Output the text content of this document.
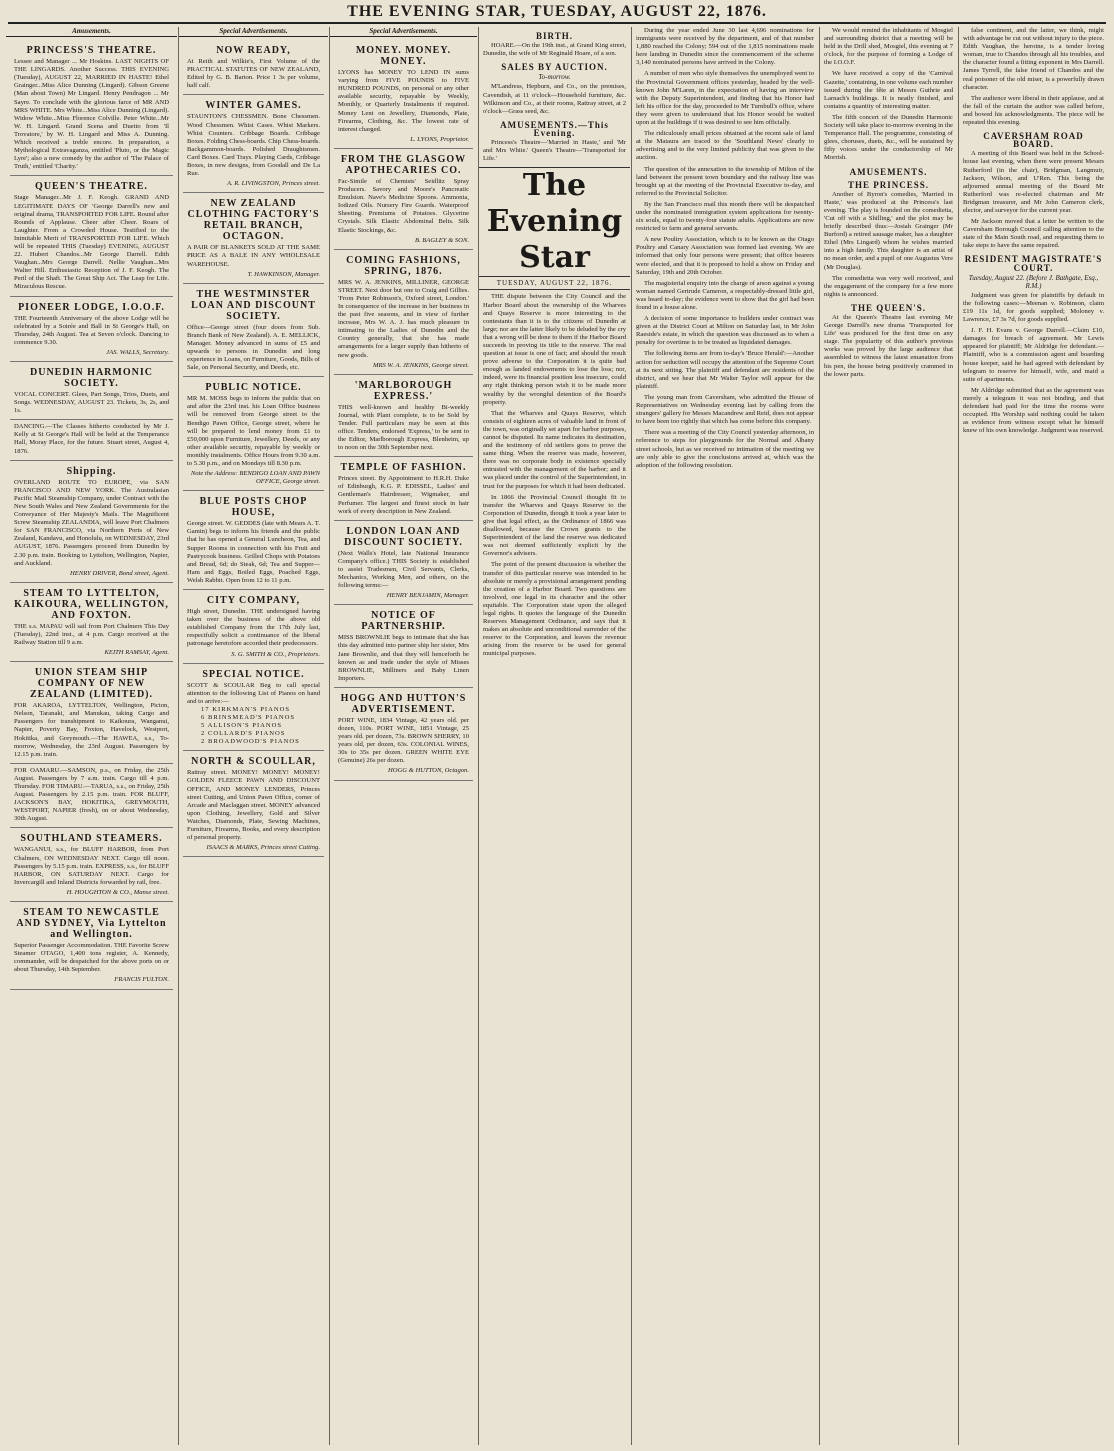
THE EVENING STAR, TUESDAY, AUGUST 22, 1876.
Amusements.
PRINCESS'S THEATRE.
Lessee and Manager ... Mr Hoskins. LAST NIGHTS OF THE LINGARDS. Another Success. THIS EVENING (Tuesday), AUGUST 22, MARRIED IN HASTE! Ethel Grainger...Miss Alice Dunning (Lingard). Gibson Greene (Man about Town) Mr Lingard. Henry Pendragon ... Mr Sayre. To conclude with the glorious farce of MR AND MRS WHITE. Mrs White...Miss Alice Dunning (Lingard). Widow White...Miss Florence Colville. Peter White...Mr W. H. Lingard. Grand Scena and Duetto from 'Il Trovatore,' by W. H. Lingard and Miss A. Dunning. Which received a treble encore. In preparation, a Mythological Extravaganza, entitled 'Pluto, or the Magic Lyre'; also a new comedy by the author of 'The Palace of Truth,' entitled 'Charity.'
QUEEN'S THEATRE.
Stage Manager...Mr J. F. Keogh. GRAND AND LEGITIMATE DAYS OF 'George Darrell's new and original drama, TRANSPORTED FOR LIFE. Round after Rounds of Applause. Cheer after Cheer. Roars of Laughter. From a Crowded House. Testified to the Inimitable Merit of TRANSPORTED FOR LIFE. Which will be repeated THIS (Tuesday) EVENING, AUGUST 22. Hubert Chandos...Mr George Darrell. Edith Vaughan...Mrs George Darrell. Nellie Vaughan...Mrs Walter Hill. Enthusiastic Reception of J. F. Keogh. The Peril of the Shaft. The Great Ship Act. The Leap for Life. Miraculous Rescue.
PIONEER LODGE, I.O.O.F.
THE Fourteenth Anniversary of the above Lodge will be celebrated by a Soirée and Ball in St George's Hall, on Thursday, 24th August. Tea at Seven o'clock. Dancing to commence 9.30.
JAS. WALLS, Secretary.
DUNEDIN HARMONIC SOCIETY.
VOCAL CONCERT. Glees, Part Songs, Trios, Duets, and Songs. WEDNESDAY, AUGUST 23. Tickets, 3s, 2s, and 1s.
DANCING.—The Classes hitherto conducted by Mr J. Kelly at St George's Hall will be held at the Temperance Hall, Moray Place, for the future. Stuart street, August 4, 1876.
Shipping.
OVERLAND ROUTE TO EUROPE, via SAN FRANCISCO AND NEW YORK. The Australasian Pacific Mail Steamship Company, under Contract with the New South Wales and New Zealand Governments for the Conveyance of Her Majesty's Mails. The Magnificent Screw Steamship ZEALANDIA, will leave Port Chalmers for SAN FRANCISCO, via Northern Ports of New Zealand, Kandavu, and Honolulu, on WEDNESDAY, 23rd AUGUST, 1876. Passengers proceed from Dunedin by 2.30 p.m. train. Booking to Lyttelton, Wellington, Napier, and Auckland.
HENRY DRIVER, Bond street, Agent.
STEAM TO LYTTELTON, KAIKOURA, WELLINGTON, AND FOXTON.
THE s.s. MAPAU will sail from Port Chalmers This Day (Tuesday), 22nd inst., at 4 p.m. Cargo received at the Railway Station till 9 a.m.
KEITH RAMSAY, Agent.
UNION STEAM SHIP COMPANY OF NEW ZEALAND (LIMITED).
FOR AKAROA, LYTTELTON, Wellington, Picton, Nelson, Taranaki, and Manukau, taking Cargo and Passengers for transhipment to Kaikoura, Wanganui, Napier, Poverty Bay, Foxton, Havelock, Westport, Hokitika, and Greymouth.—The HAWEA, s.s., To-morrow, Wednesday, the 23rd August. Passengers by 12.15 p.m. train.
FOR OAMARU.—SAMSON, p.s., on Friday, the 25th August. Passengers by 7 a.m. train. Cargo till 4 p.m. Thursday. FOR TIMARU.—TARUA, s.s., on Friday, 25th August. Passengers by 2.15 p.m. train. FOR BLUFF, JACKSON'S BAY, HOKITIKA, GREYMOUTH, WESTPORT, NAPIER (fresh), on or about Wednesday, 30th August.
SOUTHLAND STEAMERS.
WANGANUI, s.s., for BLUFF HARBOR, from Port Chalmers, ON WEDNESDAY NEXT. Cargo till noon. Passengers by 5.15 p.m. train. EXPRESS, s.s., for BLUFF HARBOR, ON SATURDAY NEXT. Cargo for Invercargill and Inland Districts forwarded by rail, free.
H. HOUGHTON & CO., Manse street.
STEAM TO NEWCASTLE AND SYDNEY, Via Lyttelton and Wellington.
Superior Passenger Accommodation. THE Favorite Screw Steamer OTAGO, 1,400 tons register, A. Kennedy, commander, will be despatched for the above ports on or about Thursday, 14th September.
FRANCIS FULTON.
Special Advertisements.
NOW READY,
At Reith and Wilkie's, First Volume of the PRACTICAL STATUTES OF NEW ZEALAND, Edited by G. B. Barton. Price 1 3s per volume, half calf.
WINTER GAMES.
STAUNTON'S CHESSMEN. Bone Chessmen. Wood Chessmen. Whist Cases. Whist Markers. Whist Counters. Cribbage Boards. Cribbage Boxes. Folding Chess-boards. Chip Chess-boards. Backgammon-boards. Polished Draughtsmen. Card Boxes. Card Trays. Playing Cards, Cribbage Boxes, in new designs, from Goodall and De La Rue.
A. R. LIVINGSTON, Princes street.
NEW ZEALAND CLOTHING FACTORY'S RETAIL BRANCH, OCTAGON.
A PAIR OF BLANKETS SOLD AT THE SAME PRICE AS A BALE IN ANY WHOLESALE WAREHOUSE.
T. HAWKINSON, Manager.
THE WESTMINSTER LOAN AND DISCOUNT SOCIETY.
Office—George street (four doors from Sub. Branch Bank of New Zealand). A. E. MELLICK, Manager. Money advanced in sums of £5 and upwards to persons in Dunedin and long experience in Loans, on Furniture, Goods, Bills of Sale, on Personal Security, and Deeds, etc.
PUBLIC NOTICE.
MR M. MOSS begs to inform the public that on and after the 23rd inst. his Loan Office business will be removed from George street to the Bendigo Pawn Office, George street, where he will be prepared to lend money from £1 to £50,000 upon Furniture, Jewellery, Deeds, or any other available security, repayable by weekly or monthly instalments. Office Hours from 9.30 a.m. to 5.30 p.m., and on Mondays till 8.30 p.m.
Note the Address: BENDIGO LOAN AND PAWN OFFICE, George street.
BLUE POSTS CHOP HOUSE,
George street. W. GEDDES (late with Mears A. T. Gamin) begs to inform his friends and the public that he has opened a General Luncheon, Tea, and Supper Rooms in connection with his Fruit and Pastrycook business. Grilled Chops with Potatoes and Bread, 6d; do Steak, 6d; Tea and Supper—Ham and Eggs, Boiled Eggs, Poached Eggs, Welsh Rabbit. Open from 12 to 11 p.m.
CITY COMPANY,
High street, Dunedin. THE undersigned having taken over the business of the above old established Company from the 17th July last, respectfully solicit a continuance of the liberal patronage heretofore accorded their predecessors.
S. G. SMITH & CO., Proprietors.
SPECIAL NOTICE.
SCOTT & SCOULAR Beg to call special attention to the following List of Pianos on hand and to arrive:—
17 KIRKMAN'S PIANOS
6 BRINSMEAD'S PIANOS
5 ALLISON'S PIANOS
2 COLLARD'S PIANOS
2 BROADWOOD'S PIANOS
NORTH & SCOULLAR,
Rattray street. MONEY! MONEY! MONEY! GOLDEN FLEECE PAWN AND DISCOUNT OFFICE, AND MONEY LENDERS, Princes street Cutting, and Union Pawn Office, corner of Arcade and Maclaggan street. MONEY advanced upon Clothing, Jewellery, Gold and Silver Watches, Diamonds, Plate, Sewing Machines, Furniture, Firearms, Books, and every description of personal property.
ISAACS & MARKS, Princes street Cutting.
Special Advertisements.
MONEY. MONEY. MONEY.
LYONS has MONEY TO LEND IN sums varying from FIVE POUNDS to FIVE HUNDRED POUNDS, on personal or any other available security, repayable by Weekly, Monthly, or Quarterly Instalments if required. Money Lent on Jewellery, Diamonds, Plate, Firearms, Clothing, &c. The lowest rate of interest charged.
L. LYONS, Proprietor.
FROM THE GLASGOW APOTHECARIES CO.
Fac-Simile of Chemists' Seidlitz Spray Producers. Savory and Moore's Pancreatic Emulsion. Nave's Medicine Spoons. Ammonia, Iodized Oils. Nursery Fire Guards. Waterproof Sheeting. Premiums of Potatoes. Glycerine Crystals. Silk Elastic Abdominal Belts. Silk Elastic Stockings, &c.
B. BAGLEY & SON.
COMING FASHIONS, SPRING, 1876.
MRS W. A. JENKINS, MILLINER, GEORGE STREET. Next door but one to Craig and Gillies. 'From Peter Robinson's, Oxford street, London.' In consequence of the increase in her business in the past five seasons, and in view of further increase, Mrs W. A. J. has much pleasure in intimating to the Ladies of Dunedin and the Country generally, that she has made arrangements for a larger supply than hitherto of new goods.
MRS W. A. JENKINS, George street.
'MARLBOROUGH EXPRESS.'
THIS well-known and healthy Bi-weekly Journal, with Plant complete, is to be Sold by Tender. Full particulars may be seen at this office. Tenders, endorsed 'Express,' to be sent to the Editor, Marlborough Express, Blenheim, up to noon on the 30th September next.
TEMPLE OF FASHION.
Princes street. By Appointment to H.R.H. Duke of Edinburgh, K.G. P. EDISSEL, Ladies' and Gentleman's Hairdresser, Wigmaker, and Perfumer. The largest and finest stock in hair work of every description in New Zealand.
LONDON LOAN AND DISCOUNT SOCIETY.
(Next Walls's Hotel, late National Insurance Company's office.) THIS Society is established to assist Tradesmen, Civil Servants, Clerks, Mechanics, Working Men, and others, on the following terms:—
HENRY BENJAMIN, Manager.
NOTICE OF PARTNERSHIP.
MISS BROWNLIE begs to intimate that she has this day admitted into partner ship her sister, Mrs Jane Brownlie, and that they will henceforth be known as and trade under the style of Misses BROWNLIE, Milliners and Baby Linen Importers.
HOGG AND HUTTON'S ADVERTISEMENT.
PORT WINE, 1834 Vintage, 42 years old. per dozen, 110s. PORT WINE, 1851 Vintage, 25 years old. per dozen, 73s. BROWN SHERRY, 10 years old, per dozen, 63s. COLONIAL WINES, 30s to 35s per dozen. GREEN WHITE EYE (Genuine) 26s per dozen.
HOGG & HUTTON, Octagon.
BIRTH.
HOARE.—On the 19th inst., at Grand King street, Dunedin, the wife of Mr Reginald Hoare, of a son.
SALES BY AUCTION.
To-morrow.
M'Landress, Hepburn, and Co., on the premises, Cavendish, at 11 o'clock—Household furniture, &c. Wilkinson and Co., at their rooms, Rattray street, at 2 o'clock—Grass seed, &c.
AMUSEMENTS.—This Evening.
Princess's Theatre—'Married in Haste,' and 'Mr and Mrs White.' Queen's Theatre—'Transported for Life.'
The Evening Star
TUESDAY, AUGUST 22, 1876.
THE dispute between the City Council and the Harbor Board about the ownership of the Wharves and Quays Reserve is more interesting to the contestants than it is to the citizens of Dunedin at large; nor are the latter likely to be deluded by the cry that a wrong will be done to them if the Harbor Board succeeds in proving its title to the reserve. The real question at issue is one of fact; and should the result prove adverse to the Corporation it is quite bad enough as landed endowments to lose the loss; nor, indeed, were its financial position less insecure, could any right thinking person wish it to be made more wealthy by the wrongful detention of the Board's property.
That the Wharves and Quays Reserve, which consists of eighteen acres of valuable land in front of the town, was originally set apart for harbor purposes, cannot be disputed. Its name indicates its destination, and the testimony of old settlers goes to prove the same thing. When the reserve was made, however, there was no corporate body in existence specially entrusted with the management of the harbor; and it was placed under the control of the Superintendent, in trust for the purposes for which it had been dedicated.
In 1866 the Provincial Council thought fit to transfer the Wharves and Quays Reserve to the Corporation of Dunedin, though it took a year later to give that legal effect, as the Ordinance of 1866 was disallowed, because the Crown grants to the Superintendent of the land the reserve was dedicated was not deemed sufficiently explicit by the Governor's advisers.
The point of the present discussion is whether the transfer of this particular reserve was intended to be absolute or merely a provisional arrangement pending the creation of a Harbor Board. Two questions are involved, one legal in its character and the other equitable. The Corporation state upon the alleged legal rights. It quotes the language of the Dunedin Reserves Management Ordinance, and says that it makes an absolute and unconditional surrender of the reserve to the Corporation, and leaves the revenue arising from the reserve to be used for general municipal purposes.
During the year ended June 30 last 4,696 nominations for immigrants were received by the department, and of that number 1,880 reached the Colony; 594 out of the 1,815 nominations made here landing in Dunedin since the commencement of the scheme 3,140 nominated persons have arrived in the Colony.
A number of men who style themselves the unemployed went to the Provincial Government offices yesterday, headed by the well-known John M'Laren, in the expectation of having an interview with the Deputy Superintendent, and finding that his Honor had left his office for the day, proceeded to Mr Turnbull's office, where they were given to understand that his Honor would be waited upon at the buildings if it was desired to see him officially.
The ridiculously small prices obtained at the recent sale of land at the Mataura are traced to the 'Southland News' clearly to advertising and to the very limited publicity that was given to the auction.
The question of the annexation to the township of Milton of the land between the present town boundary and the railway line was brought up at the meeting of the Provincial Executive to-day, and referred to the Provincial Solicitor.
By the San Francisco mail this month there will be despatched under the nominated immigration system applications for twenty-six souls, equal to twenty-four statute adults. Applications are now restricted to farm and general servants.
A new Poultry Association, which is to be known as the Otago Poultry and Canary Association was formed last evening. We are informed that only four persons were present; that office bearers were elected, and that it is proposed to hold a show on Friday and Saturday, 19th and 20th October.
The magisterial enquiry into the charge of arson against a young woman named Gertrude Cameron, a respectably-dressed little girl, was heard to-day; the evidence went to show that the girl had been found in a house alone.
A decision of some importance to builders under contract was given at the District Court at Milton on Saturday last, in Mr John Raeside's estate, in which the question was discussed as to when a penalty for overtime is to be treated as liquidated damages.
The following items are from to-day's 'Bruce Herald':—Another action for seduction will occupy the attention of the Supreme Court at its next sitting. The plaintiff and defendant are residents of the district, and we hear that Mr Walter Taylor will appear for the plaintiff.
The young man from Caversham, who admitted the House of Representatives on Wednesday evening last by calling from the strangers' gallery for Messrs Macandrew and Reid, does not appear to have been too rightly that which has come before this company.
There was a meeting of the City Council yesterday afternoon, in reference to steps for playgrounds for the Normal and Albany street schools, but as we received no intimation of the meeting we are only able to give the conclusions arrived at, which was the adoption of the following resolution.
We would remind the inhabitants of Mosgiel and surrounding district that a meeting will be held in the Drill shed, Mosgiel, this evening at 7 o'clock, for the purpose of forming a Lodge of the I.O.O.F.
We have received a copy of the 'Carnival Gazette,' containing, in one volume each number issued during the fête at Messrs Guthrie and Larnach's buildings. It is neatly finished, and contains a quantity of interesting matter.
The fifth concert of the Dunedin Harmonic Society will take place to-morrow evening in the Temperance Hall. The programme, consisting of glees, choruses, duets, &c., will be sustained by fifty voices under the conductorship of Mr Morrish.
AMUSEMENTS.
THE PRINCESS.
Another of Byron's comedies, 'Married in Haste,' was produced at the Princess's last evening. The play is founded on the comedietta, 'Cut off with a Shilling,' and the plot may be briefly described thus:—Josiah Grainger (Mr Burford) a retired sausage maker, has a daughter Ethel (Mrs Lingard) whom he wishes married into a high family. This daughter is an artist of no mean order, and a pupil of one Augustus Vere (Mr Douglas).
The comedietta was very well received, and the engagement of the company for a few more nights is announced.
THE QUEEN'S.
At the Queen's Theatre last evening Mr George Darrell's new drama 'Transported for Life' was produced for the first time on any stage. The popularity of this author's previous works was proved by the large audience that assembled to witness the latest emanation from his pen, the house being positively crammed in the lower parts.
false continent, and the latter, we think, might with advantage be cut out without injury to the piece. Edith Vaughan, the heroine, is a tender loving woman, true to Chandos through all his troubles, and the character found a fitting exponent in Mrs Darrell. James Tyrrell, the false friend of Chandos and the real poisoner of the old miser, is a powerfully drawn character.
The audience were liberal in their applause, and at the fall of the curtain the author was called before, and bowed his acknowledgments. The piece will be repeated this evening.
CAVERSHAM ROAD BOARD.
A meeting of this Board was held in the School-house last evening, when there were present Messrs Rutherford (in the chair), Bridgman, Langmuir, Jackson, Wilson, and U'Ren. This being the adjourned annual meeting of the Board Mr Rutherford was re-elected chairman and Mr Bridgman treasurer, and Mr John Cameron clerk, elector, and surveyor for the current year.
Mr Jackson moved that a letter be written to the Caversham Borough Council calling attention to the state of the Main South road, and requesting them to take steps to have the same repaired.
RESIDENT MAGISTRATE'S COURT.
Tuesday, August 22. (Before J. Bathgate, Esq., R.M.)
Judgment was given for plaintiffs by default in the following cases:—Meenan v. Robinson, claim £19 11s 1d, for goods supplied; Moloney v. Lawrence, £7 3s 7d, for goods supplied.
J. F. H. Evans v. George Darrell.—Claim £10, damages for breach of agreement. Mr Lewis appeared for plaintiff; Mr Aldridge for defendant.—Plaintiff, who is a commission agent and boarding house keeper, said he had agreed with defendant by telegram to reserve for himself, wife, and maid a suite of apartments.
Mr Aldridge submitted that as the agreement was merely a telegram it was not binding, and that defendant had paid for the time the rooms were occupied. His Worship said nothing could be taken as evidence from witness except what he himself knew of his own knowledge. Judgment was reserved.
